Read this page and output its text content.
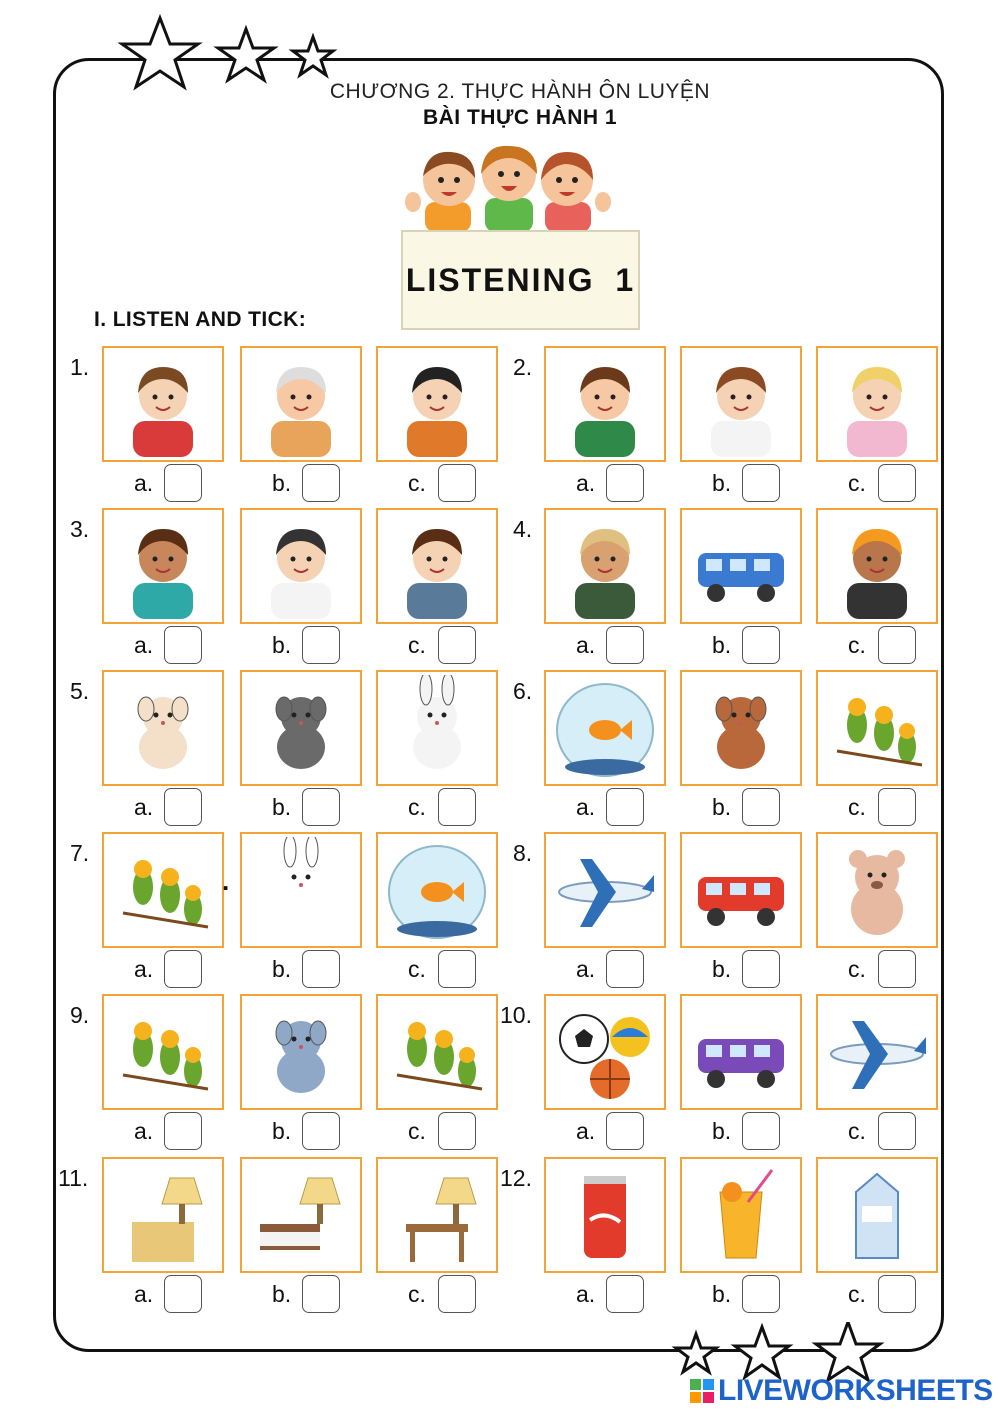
CHƯƠNG 2. THỰC HÀNH ÔN LUYỆN
BÀI THỰC HÀNH 1
LISTENING 1
I. LISTEN AND TICK:
1.
a.	b.	c.
2.
a.	b.	c.
3.
a.	b.	c.
4.
a.	b.	c.
5.
a.	b.	c.
6.
a.	b.	c.
7.
a.	b.	c.
8.
a.	b.	c.
9.
a.	b.	c.
10.
a.	b.	c.
11.
a.	b.	c.
12.
a.	b.	c.
.
LIVEWORKSHEETS
